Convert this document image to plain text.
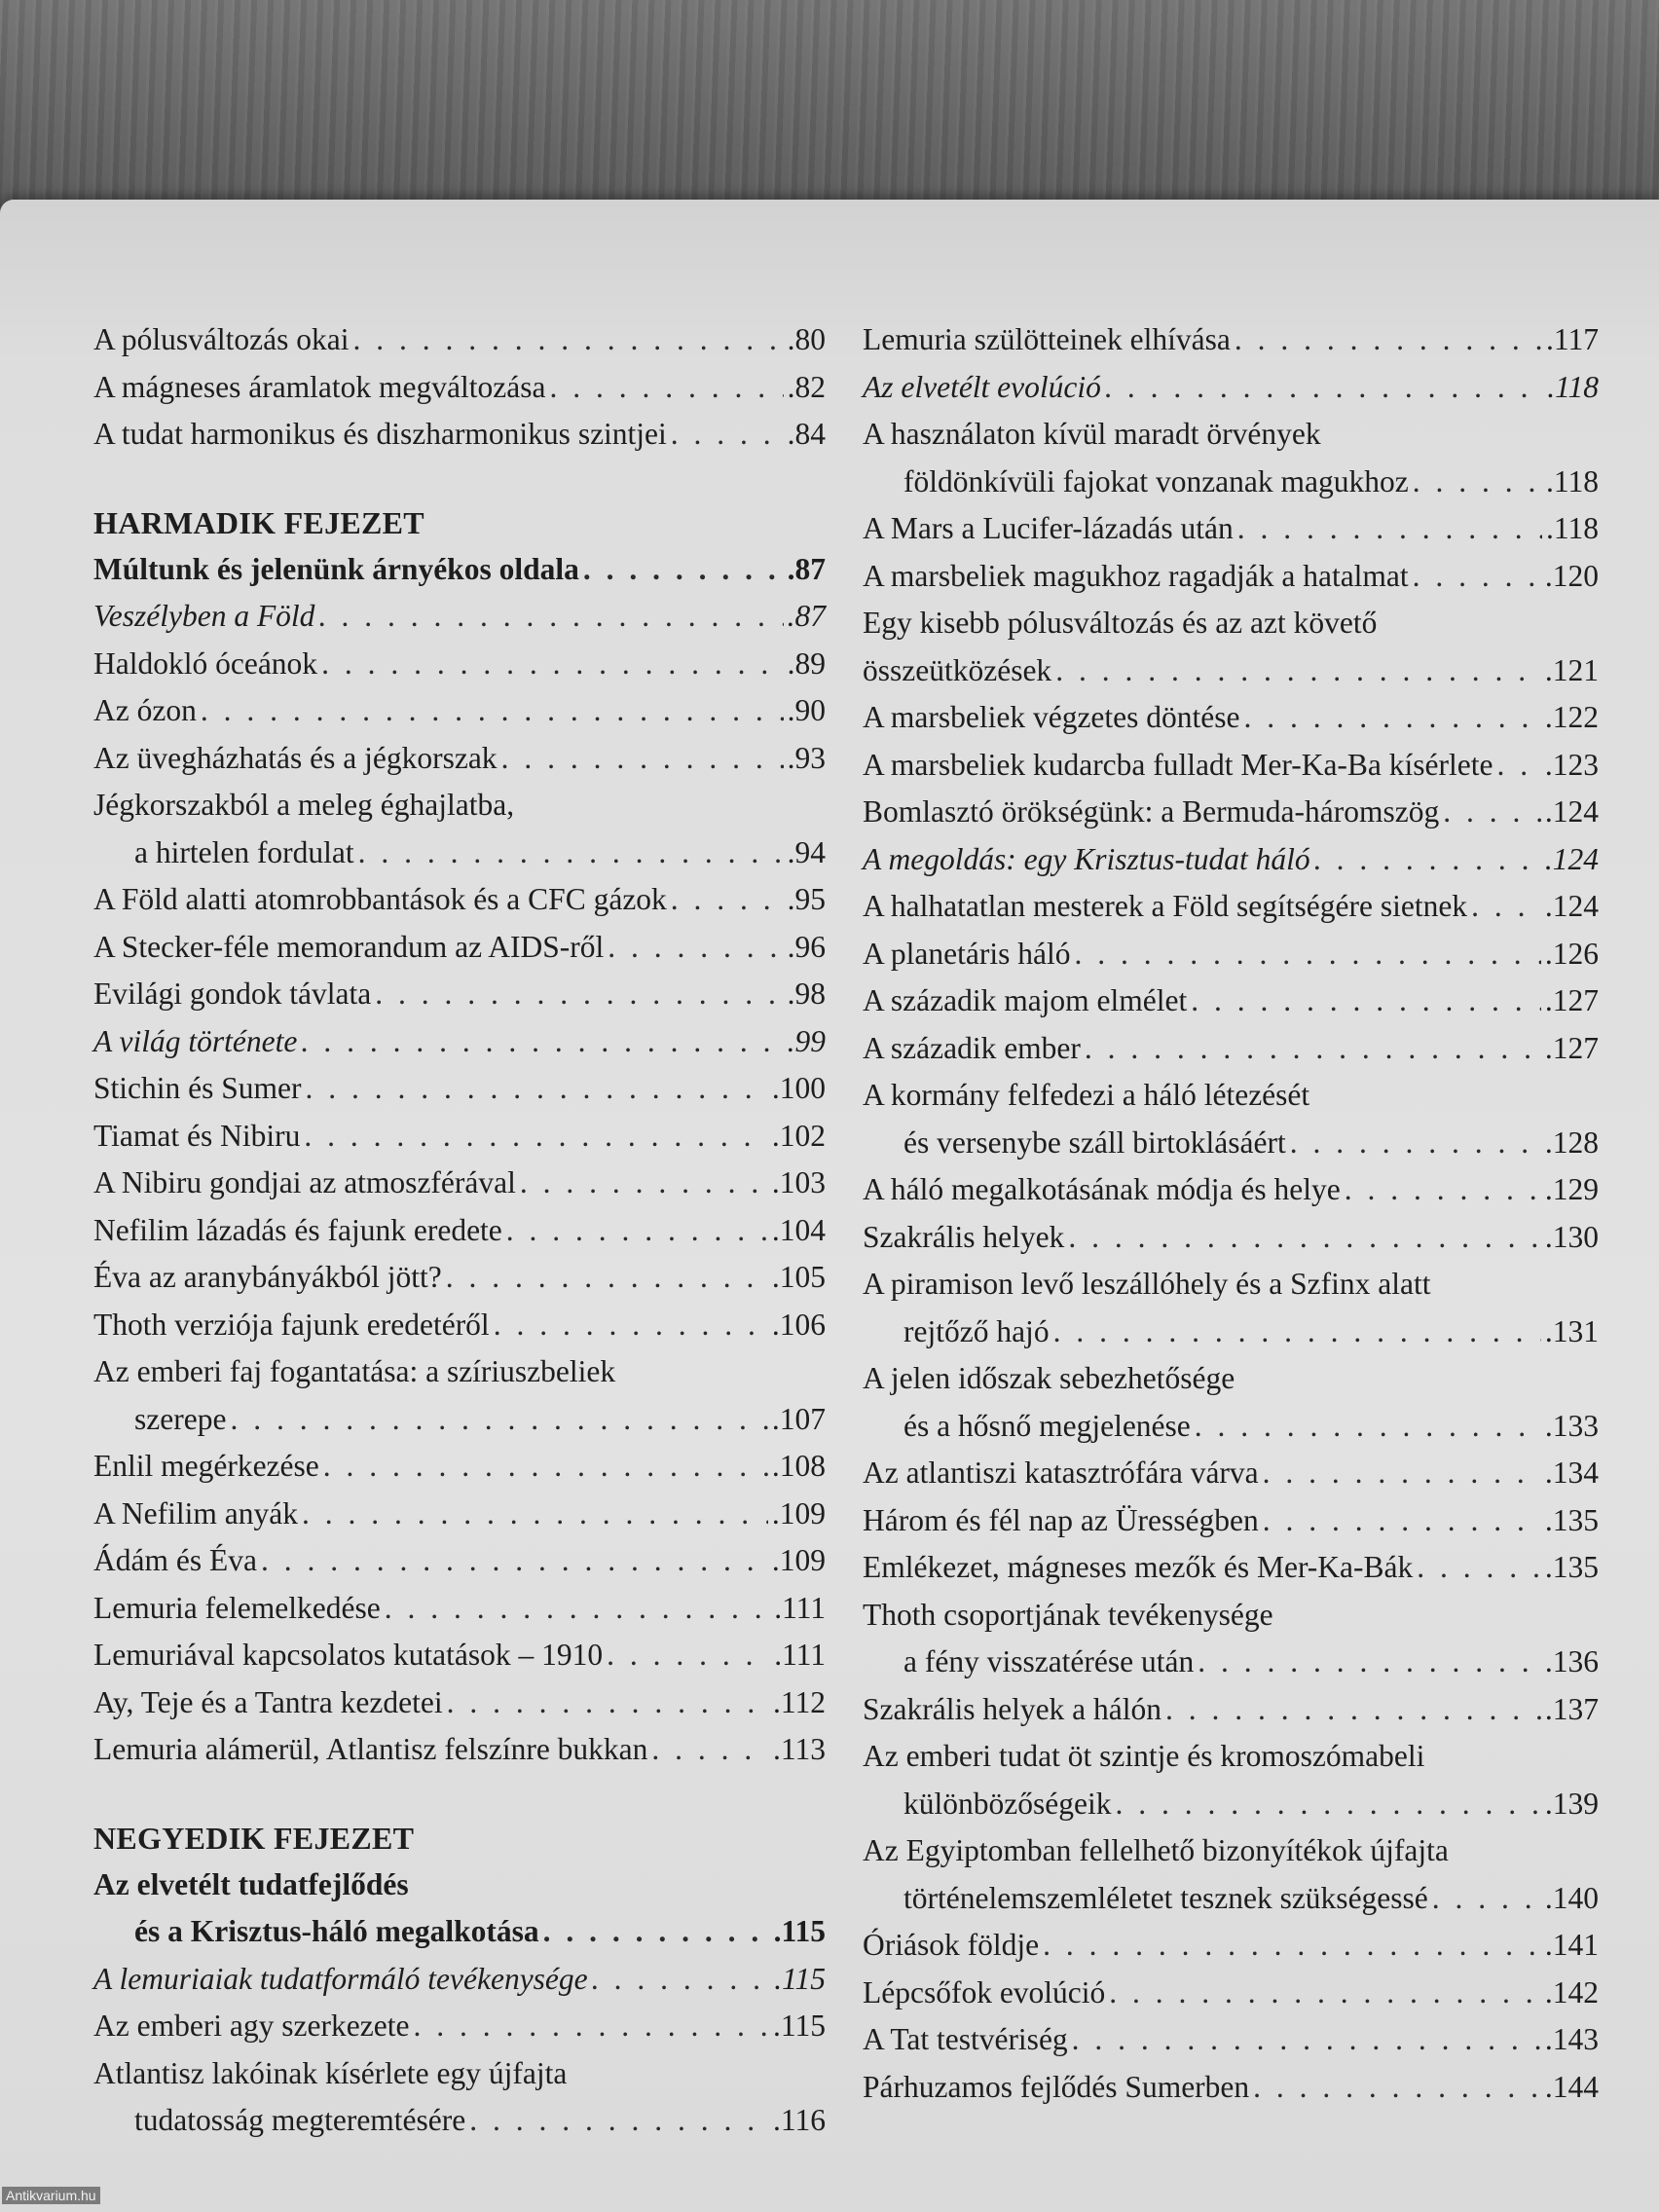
A pólusváltozás okai . . .	.80
A mágneses áramlatok megváltozása . . .	.82
A tudat harmonikus és diszharmonikus szintjei . . .	.84
HARMADIK FEJEZET
Múltunk és jelenünk árnyékos oldala . . .	.87
Veszélyben a Föld . . .	.87
Haldokló óceánok . . .	.89
Az ózon . . .	.90
Az üvegházhatás és a jégkorszak . . .	.93
Jégkorszakból a meleg éghajlatba,
a hirtelen fordulat . . .	.94
A Föld alatti atomrobbantások és a CFC gázok . . .	.95
A Stecker-féle memorandum az AIDS-ről . . .	.96
Evilági gondok távlata . . .	.98
A világ története . . .	.99
Stichin és Sumer . . .	.100
Tiamat és Nibiru . . .	.102
A Nibiru gondjai az atmoszférával . . .	.103
Nefilim lázadás és fajunk eredete . . .	.104
Éva az aranybányákból jött? . . .	.105
Thoth verziója fajunk eredetéről . . .	.106
Az emberi faj fogantatása: a szíriuszbeliek
szerepe . . .	.107
Enlil megérkezése . . .	.108
A Nefilim anyák . . .	.109
Ádám és Éva . . .	.109
Lemuria felemelkedése . . .	.111
Lemuriával kapcsolatos kutatások – 1910 . . .	.111
Ay, Teje és a Tantra kezdetei . . .	.112
Lemuria alámerül, Atlantisz felszínre bukkan . . .	.113
NEGYEDIK FEJEZET
Az elvetélt tudatfejlődés
és a Krisztus-háló megalkotása . . .	.115
A lemuriaiak tudatformáló tevékenysége . . .	.115
Az emberi agy szerkezete . . .	.115
Atlantisz lakóinak kísérlete egy újfajta
tudatosság megteremtésére . . .	.116
Lemuria szülötteinek elhívása . . .	.117
Az elvetélt evolúció . . .	.118
A használaton kívül maradt örvények
földönkívüli fajokat vonzanak magukhoz . . .	.118
A Mars a Lucifer-lázadás után . . .	.118
A marsbeliek magukhoz ragadják a hatalmat . . .	.120
Egy kisebb pólusváltozás és az azt követő
összeütközések . . .	.121
A marsbeliek végzetes döntése . . .	.122
A marsbeliek kudarcba fulladt Mer-Ka-Ba kísérlete . . . .123
Bomlasztó örökségünk: a Bermuda-háromszög . . .	.124
A megoldás: egy Krisztus-tudat háló . . .	.124
A halhatatlan mesterek a Föld segítségére sietnek . . .	.124
A planetáris háló . . .	.126
A századik majom elmélet . . .	.127
A századik ember . . .	.127
A kormány felfedezi a háló létezését
és versenybe száll birtoklásáért . . .	.128
A háló megalkotásának módja és helye . . .	.129
Szakrális helyek . . .	.130
A piramison levő leszállóhely és a Szfinx alatt
rejtőző hajó . . .	.131
A jelen időszak sebezhetősége
és a hősnő megjelenése . . .	.133
Az atlantiszi katasztrófára várva . . .	.134
Három és fél nap az Ürességben . . .	.135
Emlékezet, mágneses mezők és Mer-Ka-Bák . . .	.135
Thoth csoportjának tevékenysége
a fény visszatérése után . . .	.136
Szakrális helyek a hálón . . .	.137
Az emberi tudat öt szintje és kromoszómabeli
különbözőségeik . . .	.139
Az Egyiptomban fellelhető bizonyítékok újfajta
történelemszemléletet tesznek szükségessé . . .	.140
Óriások földje . . .	.141
Lépcsőfok evolúció . . .	.142
A Tat testvériség . . .	.143
Párhuzamos fejlődés Sumerben . . .	.144
Antikvarium.hu
